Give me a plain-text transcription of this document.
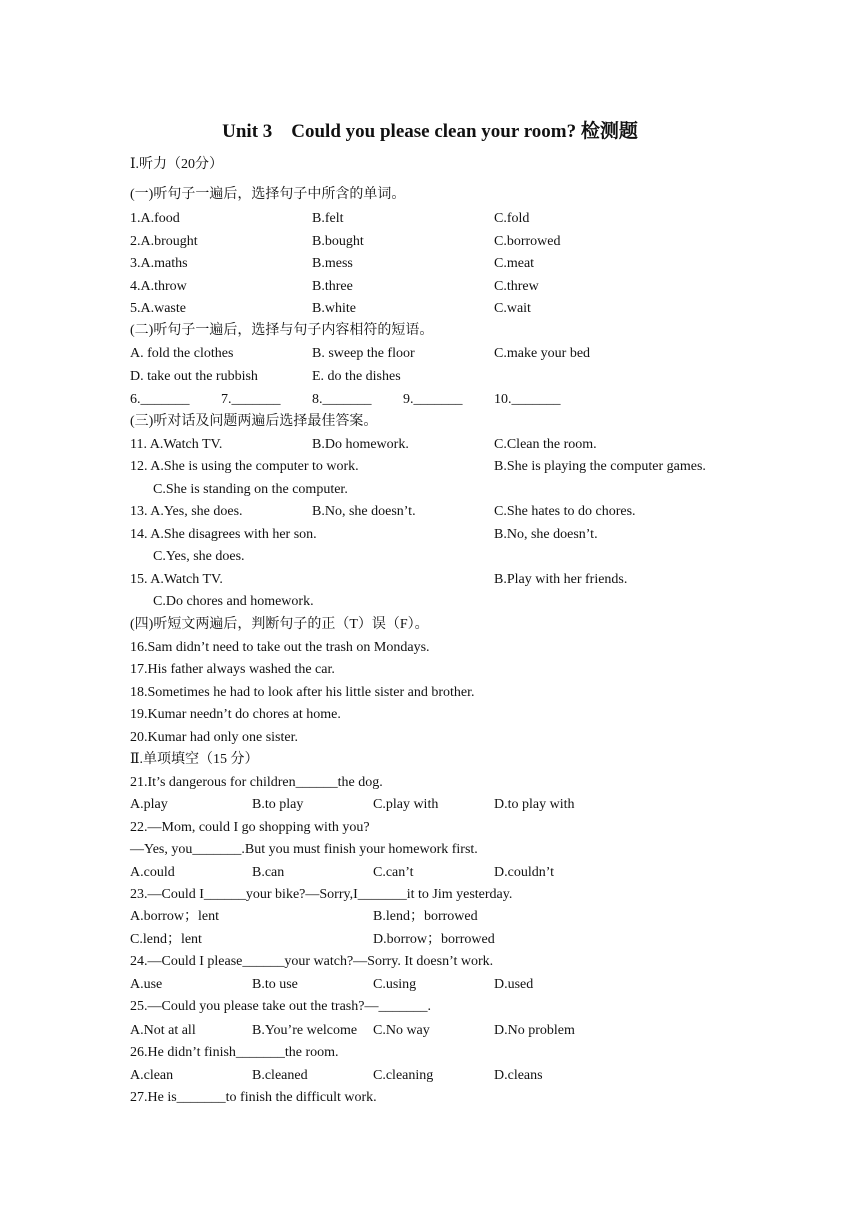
Unit 3　Could you please clean your room? 检测题
Ⅰ.听力（20分）
(一)听句子一遍后，选择句子中所含的单词。
1.A.food	B.felt	C.fold
2.A.brought	B.bought	C.borrowed
3.A.maths	B.mess	C.meat
4.A.throw	B.three	C.threw
5.A.waste	B.white	C.wait
(二)听句子一遍后，选择与句子内容相符的短语。
A. fold the clothes	B. sweep the floor	C.make your bed
D. take out the rubbish	E. do the dishes
6._______ 7._______ 8._______ 9._______ 10._______
(三)听对话及问题两遍后选择最佳答案。
11. A.Watch TV.	B.Do homework.	C.Clean the room.
12. A.She is using the computer to work.	B.She is playing the computer games.
C.She is standing on the computer.
13. A.Yes, she does.	B.No, she doesn’t.	C.She hates to do chores.
14. A.She disagrees with her son.	B.No, she doesn’t.
C.Yes, she does.
15. A.Watch TV.	B.Play with her friends.
C.Do chores and homework.
(四)听短文两遍后，判断句子的正（T）误（F）。
16.Sam didn’t need to take out the trash on Mondays.
17.His father always washed the car.
18.Sometimes he had to look after his little sister and brother.
19.Kumar needn’t do chores at home.
20.Kumar had only one sister.
Ⅱ.单项填空（15 分）
21.It’s dangerous for children______the dog.
A.play	B.to play	C.play with	D.to play with
22.—Mom, could I go shopping with you?
—Yes, you_______.But you must finish your homework first.
A.could	B.can	C.can’t	D.couldn’t
23.—Could I______your bike?—Sorry,I_______it to Jim yesterday.
A.borrow；lent	B.lend；borrowed
C.lend；lent	D.borrow；borrowed
24.—Could I please______your watch?—Sorry. It doesn’t work.
A.use	B.to use	C.using	D.used
25.—Could you please take out the trash?—_______.
A.Not at all	B.You’re welcome C.No way	D.No problem
26.He didn’t finish_______the room.
A.clean	B.cleaned	C.cleaning	D.cleans
27.He is_______to finish the difficult work.
